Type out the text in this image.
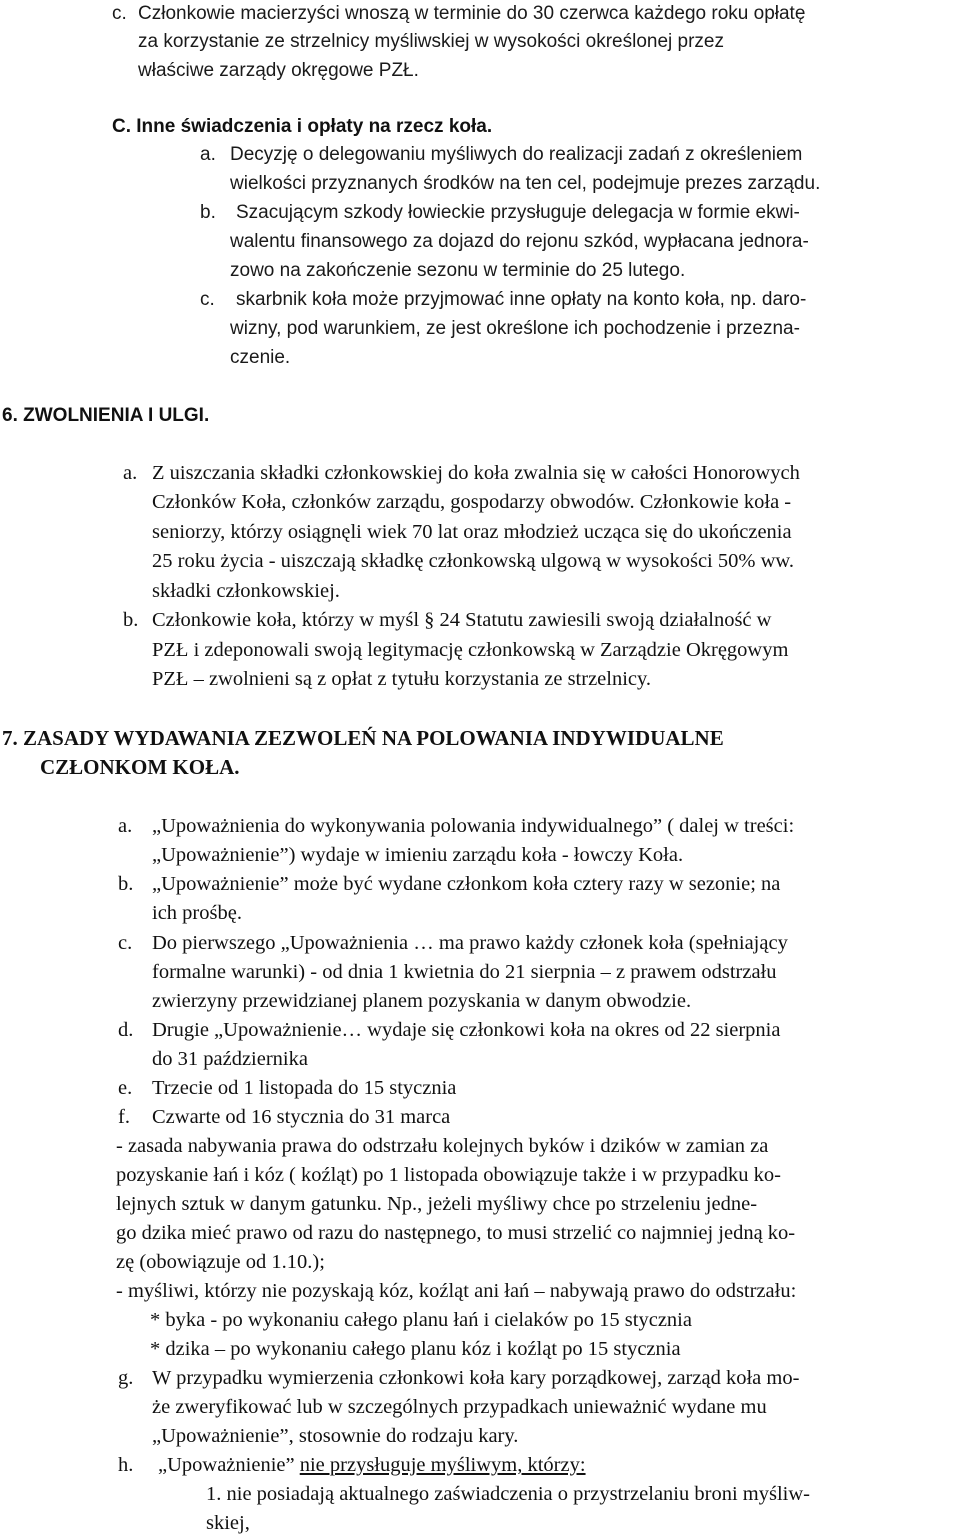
c. Członkowie macierzyści wnoszą w terminie do 30 czerwca każdego roku opłatę
za korzystanie ze strzelnicy myśliwskiej w wysokości określonej przez
właściwe zarządy okręgowe PZŁ.
C. Inne świadczenia i opłaty na rzecz koła.
a. Decyzję o delegowaniu myśliwych do realizacji zadań z określeniem
wielkości przyznanych środków na ten cel, podejmuje prezes zarządu.
b. Szacującym szkody łowieckie przysługuje delegacja w formie ekwi-
walentu finansowego za dojazd do rejonu szkód, wypłacana jednora-
zowo na zakończenie sezonu w terminie do 25 lutego.
c. skarbnik koła może przyjmować inne opłaty na konto koła, np. daro-
wizny, pod warunkiem, ze jest określone ich pochodzenie i przezna-
czenie.
6. ZWOLNIENIA I ULGI.
a. Z uiszczania składki członkowskiej do koła zwalnia się w całości Honorowych
Członków Koła, członków zarządu, gospodarzy obwodów. Członkowie koła -
seniorzy, którzy osiągnęli wiek 70 lat oraz młodzież ucząca się do ukończenia
25 roku życia - uiszczają składkę członkowską ulgową w wysokości 50% ww.
składki członkowskiej.
b. Członkowie koła, którzy w myśl § 24 Statutu zawiesili swoją działalność w
PZŁ i zdeponowali swoją legitymację członkowską w Zarządzie Okręgowym
PZŁ – zwolnieni są z opłat z tytułu korzystania ze strzelnicy.
7. ZASADY WYDAWANIA ZEZWOLEŃ NA POLOWANIA INDYWIDUALNE
CZŁONKOM KOŁA.
a. „Upoważnienia do wykonywania polowania indywidualnego” ( dalej w treści:
„Upoważnienie”) wydaje w imieniu zarządu koła - łowczy Koła.
b. „Upoważnienie” może być wydane członkom koła cztery razy w sezonie; na
ich prośbę.
c. Do pierwszego „Upoważnienia … ma prawo każdy członek koła (spełniający
formalne warunki) - od dnia 1 kwietnia do 21 sierpnia – z prawem odstrzału
zwierzyny przewidzianej planem pozyskania w danym obwodzie.
d. Drugie „Upoważnienie… wydaje się członkowi koła na okres od 22 sierpnia
do 31 października
e. Trzecie od 1 listopada do 15 stycznia
f. Czwarte od 16 stycznia do 31 marca
- zasada nabywania prawa do odstrzału kolejnych byków i dzików w zamian za
pozyskanie łań i kóz ( koźląt) po 1 listopada obowiązuje także i w przypadku ko-
lejnych sztuk w danym gatunku. Np., jeżeli myśliwy chce po strzeleniu jedne-
go dzika mieć prawo od razu do następnego, to musi strzelić co najmniej jedną ko-
zę (obowiązuje od 1.10.);
- myśliwi, którzy nie pozyskają kóz, koźląt ani łań – nabywają prawo do odstrzału:
* byka - po wykonaniu całego planu łań i cielaków po 15 stycznia
* dzika – po wykonaniu całego planu kóz i koźląt po 15 stycznia
g. W przypadku wymierzenia członkowi koła kary porządkowej, zarząd koła mo-
że zweryfikować lub w szczególnych przypadkach unieważnić wydane mu
„Upoważnienie”, stosownie do rodzaju kary.
h. „Upoważnienie” nie przysługuje myśliwym, którzy:
1. nie posiadają aktualnego zaświadczenia o przystrzelaniu broni myśliw-
skiej,
